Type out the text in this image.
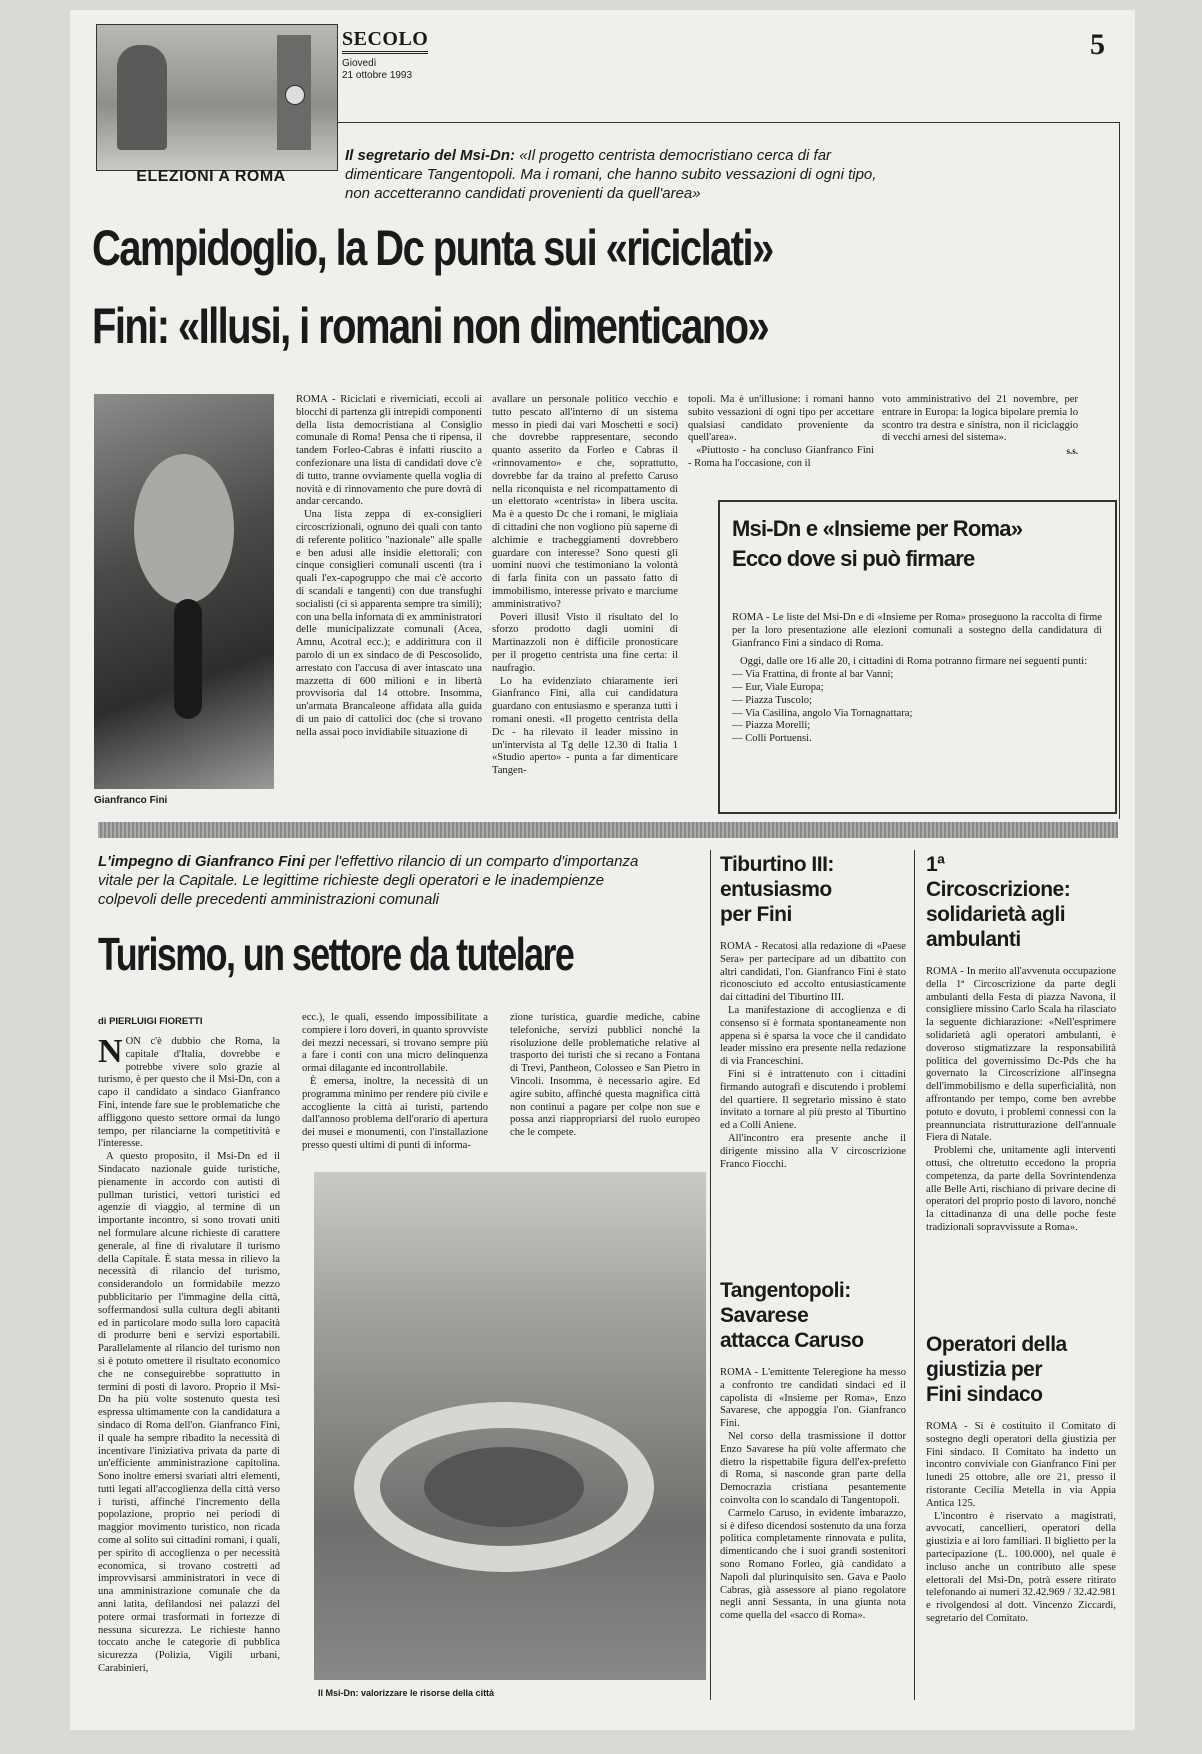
ELEZIONI A ROMA
SECOLO
Giovedì
21 ottobre 1993
5
Il segretario del Msi-Dn: «Il progetto centrista democristiano cerca di far dimenticare Tangentopoli. Ma i romani, che hanno subito vessazioni di ogni tipo, non accetteranno candidati provenienti da quell'area»
Campidoglio, la Dc punta sui «riciclati»
Fini: «Illusi, i romani non dimenticano»
Gianfranco Fini

ROMA - Riciclati e riverniciati, eccoli ai blocchi di partenza gli intrepidi componenti della lista democristiana al Consiglio comunale di Roma! Pensa che ti ripensa, il tandem Forleo-Cabras è infatti riuscito a confezionare una lista di candidati dove c'è di tutto, tranne ovviamente quella voglia di novità e di rinnovamento che pure dovrà di andar cercando.

Una lista zeppa di ex-consiglieri circoscrizionali, ognuno dei quali con tanto di referente politico "nazionale" alle spalle e ben adusi alle insidie elettorali; con cinque consiglieri comunali uscenti (tra i quali l'ex-capogruppo che mai c'è accorto di scandali e tangenti) con due transfughi socialisti (ci si apparenta sempre tra simili); con una bella infornata di ex amministratori delle municipalizzate comunali (Acea, Amnu, Acotral ecc.); e addirittura con il parolo di un ex sindaco de di Pescosolido, arrestato con l'accusa di aver intascato una mazzetta di 600 milioni e in libertà provvisoria dal 14 ottobre. Insomma, un'armata Brancaleone affidata alla guida di un paio di cattolici doc (che si trovano nella assai poco invidiabile situazione di

avallare un personale politico vecchio e tutto pescato all'interno di un sistema messo in piedi dai vari Moschetti e soci) che dovrebbe rappresentare, secondo quanto asserito da Forleo e Cabras il «rinnovamento» e che, soprattutto, dovrebbe far da traino al prefetto Caruso nella riconquista e nel ricompattamento di un elettorato «centrista» in libera uscita. Ma è a questo Dc che i romani, le migliaia di cittadini che non vogliono più saperne di alchimie e tracheggiamenti dovrebbero guardare con interesse? Sono questi gli uomini nuovi che testimoniano la volontà di farla finita con un passato fatto di immobilismo, interesse privato e marciume amministrativo?

Poveri illusi! Visto il risultato del lo sforzo prodotto dagli uomini di Martinazzoli non è difficile pronosticare per il progetto centrista una fine certa: il naufragio.

Lo ha evidenziato chiaramente ieri Gianfranco Fini, alla cui candidatura guardano con entusiasmo e speranza tutti i romani onesti. «Il progetto centrista della Dc - ha rilevato il leader missino in un'intervista al Tg delle 12.30 di Italia 1 «Studio aperto» - punta a far dimenticare Tangen-

topoli. Ma è un'illusione: i romani hanno subito vessazioni di ogni tipo per accettare qualsiasi candidato proveniente da quell'area».

«Piuttosto - ha concluso Gianfranco Fini - Roma ha l'occasione, con il

voto amministrativo del 21 novembre, per entrare in Europa: la logica bipolare premia lo scontro tra destra e sinistra, non il riciclaggio di vecchi arnesi del sistema».

s.s.
Msi-Dn e «Insieme per Roma»
Ecco dove si può firmare

ROMA - Le liste del Msi-Dn e di «Insieme per Roma» proseguono la raccolta di firme per la loro presentazione alle elezioni comunali a sostegno della candidatura di Gianfranco Fini a sindaco di Roma.

Oggi, dalle ore 16 alle 20, i cittadini di Roma potranno firmare nei seguenti punti:

— Via Frattina, di fronte al bar Vanni;
— Eur, Viale Europa;
— Piazza Tuscolo;
— Via Casilina, angolo Via Tornagnattara;
— Piazza Morelli;
— Colli Portuensi.
L'impegno di Gianfranco Fini per l'effettivo rilancio di un comparto d'importanza vitale per la Capitale. Le legittime richieste degli operatori e le inadempienze colpevoli delle precedenti amministrazioni comunali
Turismo, un settore da tutelare
di PIERLUIGI FIORETTI

NON c'è dubbio che Roma, la capitale d'Italia, dovrebbe e potrebbe vivere solo grazie al turismo, è per questo che il Msi-Dn, con a capo il candidato a sindaco Gianfranco Fini, intende fare sue le problematiche che affliggono questo settore ormai da lungo tempo, per rilanciarne la competitività e l'interesse.

A questo proposito, il Msi-Dn ed il Sindacato nazionale guide turistiche, pienamente in accordo con autisti di pullman turistici, vettori turistici ed agenzie di viaggio, al termine di un importante incontro, si sono trovati uniti nel formulare alcune richieste di carattere generale, al fine di rivalutare il turismo della Capitale. È stata messa in rilievo la necessità di rilancio del turismo, considerandolo un formidabile mezzo pubblicitario per l'immagine della città, soffermandosi sulla cultura degli abitanti ed in particolare modo sulla loro capacità di produrre beni e servizi esportabili. Parallelamente al rilancio del turismo non si è potuto omettere il risultato economico che ne conseguirebbe soprattutto in termini di posti di lavoro. Proprio il Msi-Dn ha più volte sostenuto questa tesi espressa ultimamente con la candidatura a sindaco di Roma dell'on. Gianfranco Fini, il quale ha sempre ribadito la necessità di incentivare l'iniziativa privata da parte di un'efficiente amministrazione capitolina. Sono inoltre emersi svariati altri elementi, tutti legati all'accoglienza della città verso i turisti, affinché l'incremento della popolazione, proprio nei periodi di maggior movimento turistico, non ricada come al solito sui cittadini romani, i quali, per spirito di accoglienza o per necessità economica, si trovano costretti ad improvvisarsi amministratori in vece di una amministrazione comunale che da anni latita, defilandosi nei palazzi del potere ormai trasformati in fortezze di nessuna sicurezza. Le richieste hanno toccato anche le categorie di pubblica sicurezza (Polizia, Vigili urbani, Carabinieri,

ecc.), le quali, essendo impossibilitate a compiere i loro doveri, in quanto sprovviste dei mezzi necessari, si trovano sempre più a fare i conti con una micro delinquenza ormai dilagante ed incontrollabile.

È emersa, inoltre, la necessità di un programma minimo per rendere più civile e accogliente la città ai turisti, partendo dall'annoso problema dell'orario di apertura dei musei e monumenti, con l'installazione presso questi ultimi di punti di informa-

zione turistica, guardie mediche, cabine telefoniche, servizi pubblici nonché la risoluzione delle problematiche relative al trasporto dei turisti che si recano a Fontana di Trevi, Pantheon, Colosseo e San Pietro in Vincoli. Insomma, è necessario agire. Ed agire subito, affinché questa magnifica città non continui a pagare per colpe non sue e possa anzi riappropriarsi del ruolo europeo che le compete.

Il Msi-Dn: valorizzare le risorse della città
Tiburtino III: entusiasmo per Fini

ROMA - Recatosi alla redazione di «Paese Sera» per partecipare ad un dibattito con altri candidati, l'on. Gianfranco Fini è stato riconosciuto ed accolto entusiasticamente dai cittadini del Tiburtino III.

La manifestazione di accoglienza e di consenso si è formata spontaneamente non appena si è sparsa la voce che il candidato leader missino era presente nella redazione di via Franceschini.

Fini si è intrattenuto con i cittadini firmando autografi e discutendo i problemi del quartiere. Il segretario missino è stato invitato a tornare al più presto al Tiburtino ed a Colli Aniene.

All'incontro era presente anche il dirigente missino alla V circoscrizione Franco Fiocchi.

Tangentopoli: Savarese attacca Caruso

ROMA - L'emittente Teleregione ha messo a confronto tre candidati sindaci ed il capolista di «Insieme per Roma», Enzo Savarese, che appoggia l'on. Gianfranco Fini.

Nel corso della trasmissione il dottor Enzo Savarese ha più volte affermato che dietro la rispettabile figura dell'ex-prefetto di Roma, si nasconde gran parte della Democrazia cristiana pesantemente coinvolta con lo scandalo di Tangentopoli.

Carmelo Caruso, in evidente imbarazzo, si è difeso dicendosi sostenuto da una forza politica completamente rinnovata e pulita, dimenticando che i suoi grandi sostenitori sono Romano Forleo, già candidato a Napoli dal plurinquisito sen. Gava e Paolo Cabras, già assessore al piano regolatore negli anni Sessanta, in una giunta nota come quella del «sacco di Roma».

1ª Circoscrizione: solidarietà agli ambulanti

ROMA - In merito all'avvenuta occupazione della 1ª Circoscrizione da parte degli ambulanti della Festa di piazza Navona, il consigliere missino Carlo Scala ha rilasciato la seguente dichiarazione: «Nell'esprimere solidarietà agli operatori ambulanti, è doveroso stigmatizzare la responsabilità politica del governissimo Dc-Pds che ha governato la Circoscrizione all'insegna dell'immobilismo e della superficialità, non affrontando per tempo, come ben avrebbe potuto e dovuto, i problemi connessi con la preannunciata ristrutturazione dell'annuale Fiera di Natale.

Problemi che, unitamente agli interventi ottusi, che oltretutto eccedono la propria competenza, da parte della Sovrintendenza alle Belle Arti, rischiano di privare decine di operatori del proprio posto di lavoro, nonché la cittadinanza di una delle poche feste tradizionali sopravvissute a Roma».

Operatori della giustizia per Fini sindaco

ROMA - Si è costituito il Comitato di sostegno degli operatori della giustizia per Fini sindaco. Il Comitato ha indetto un incontro conviviale con Gianfranco Fini per lunedì 25 ottobre, alle ore 21, presso il ristorante Cecilia Metella in via Appia Antica 125.

L'incontro è riservato a magistrati, avvocati, cancellieri, operatori della giustizia e ai loro familiari. Il biglietto per la partecipazione (L. 100.000), nel quale è incluso anche un contributo alle spese elettorali del Msi-Dn, potrà essere ritirato telefonando ai numeri 32.42.969 / 32.42.981 e rivolgendosi al dott. Vincenzo Ziccardi, segretario del Comitato.
